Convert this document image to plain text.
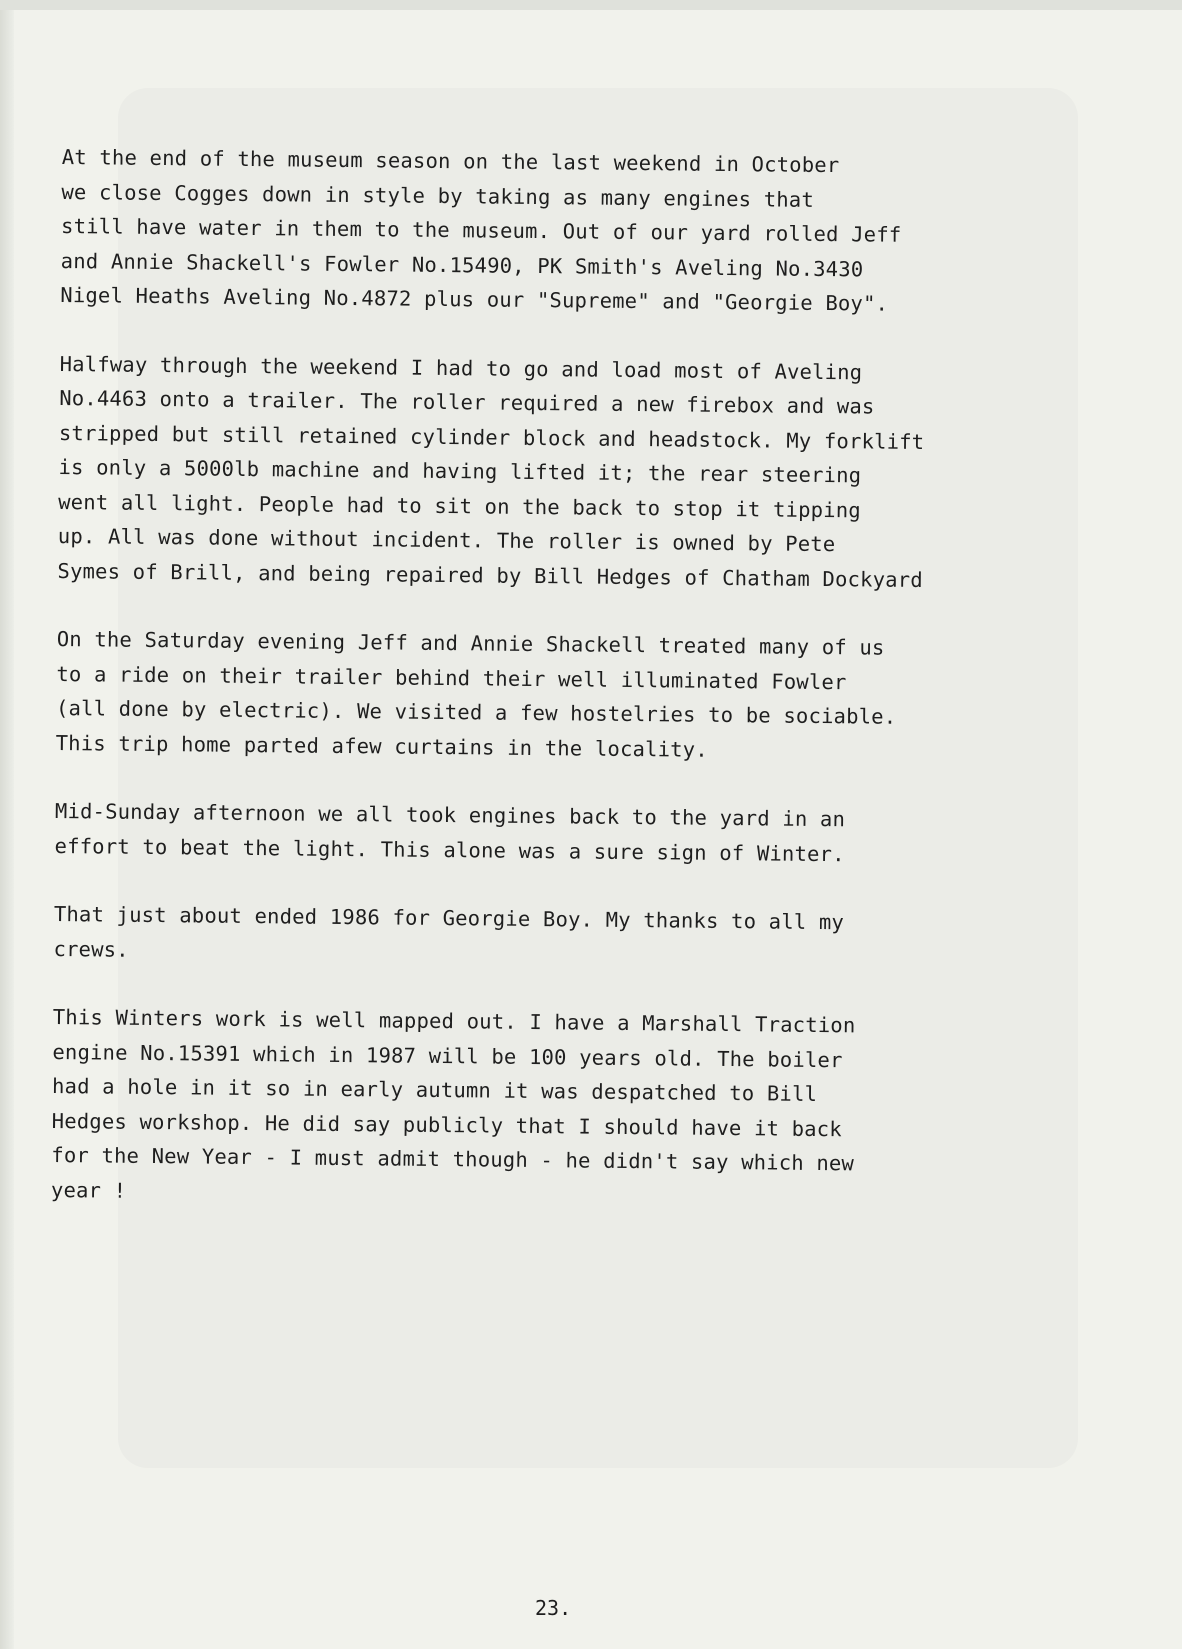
At the end of the museum season on the last weekend in October
we close Cogges down in style by taking as many engines that
still have water in them to the museum. Out of our yard rolled Jeff
and Annie Shackell's Fowler No.15490, PK Smith's Aveling No.3430
Nigel Heaths Aveling No.4872 plus our "Supreme" and "Georgie Boy".

Halfway through the weekend I had to go and load most of Aveling
No.4463 onto a trailer. The roller required a new firebox and was
stripped but still retained cylinder block and headstock. My forklift
is only a 5000lb machine and having lifted it; the rear steering
went all light. People had to sit on the back to stop it tipping
up. All was done without incident. The roller is owned by Pete
Symes of Brill, and being repaired by Bill Hedges of Chatham Dockyard

On the Saturday evening Jeff and Annie Shackell treated many of us
to a ride on their trailer behind their well illuminated Fowler
(all done by electric). We visited a few hostelries to be sociable.
This trip home parted afew curtains in the locality.

Mid-Sunday afternoon we all took engines back to the yard in an
effort to beat the light. This alone was a sure sign of Winter.

That just about ended 1986 for Georgie Boy. My thanks to all my
crews.

This Winters work is well mapped out. I have a Marshall Traction
engine No.15391 which in 1987 will be 100 years old. The boiler
had a hole in it so in early autumn it was despatched to Bill
Hedges workshop. He did say publicly that I should have it back
for the New Year - I must admit though - he didn't say which new
year !

23.
